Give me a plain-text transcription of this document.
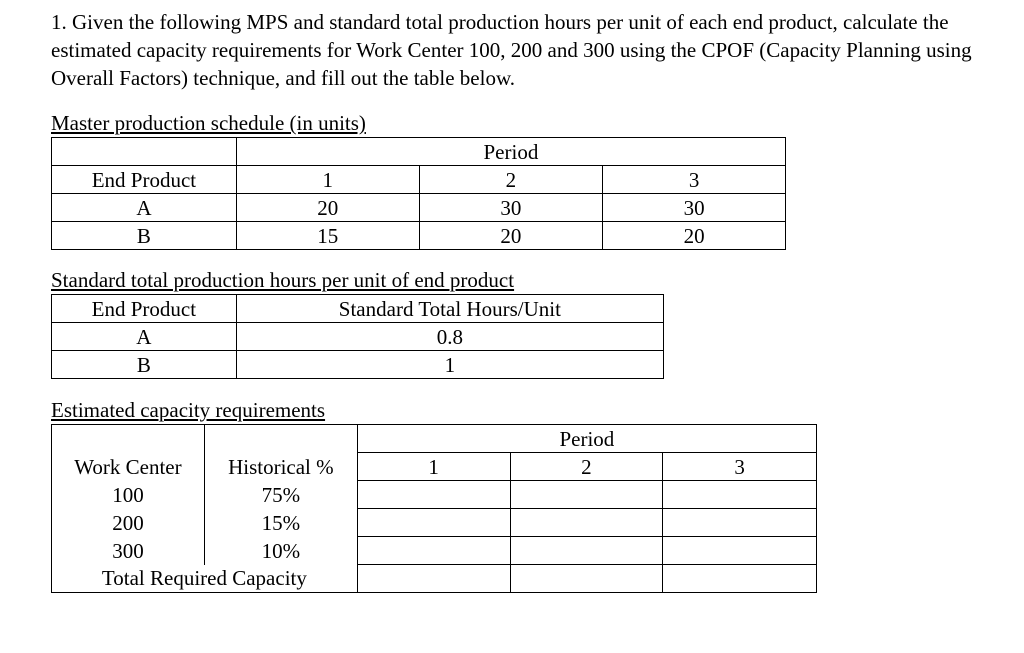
1. Given the following MPS and standard total production hours per unit of each end product, calculate the estimated capacity requirements for Work Center 100, 200 and 300 using the CPOF (Capacity Planning using Overall Factors) technique, and fill out the table below.

Master production schedule (in units)
	Period		
End Product	1	2	3
A	20	30	30
B	15	20	20
Standard total production hours per unit of end product
End Product	Standard Total Hours/Unit
A	0.8
B	1
Estimated capacity requirements
		Period		
Work Center	Historical %	1	2	3
100	75%			
200	15%			
300	10%			
Total Required Capacity				
